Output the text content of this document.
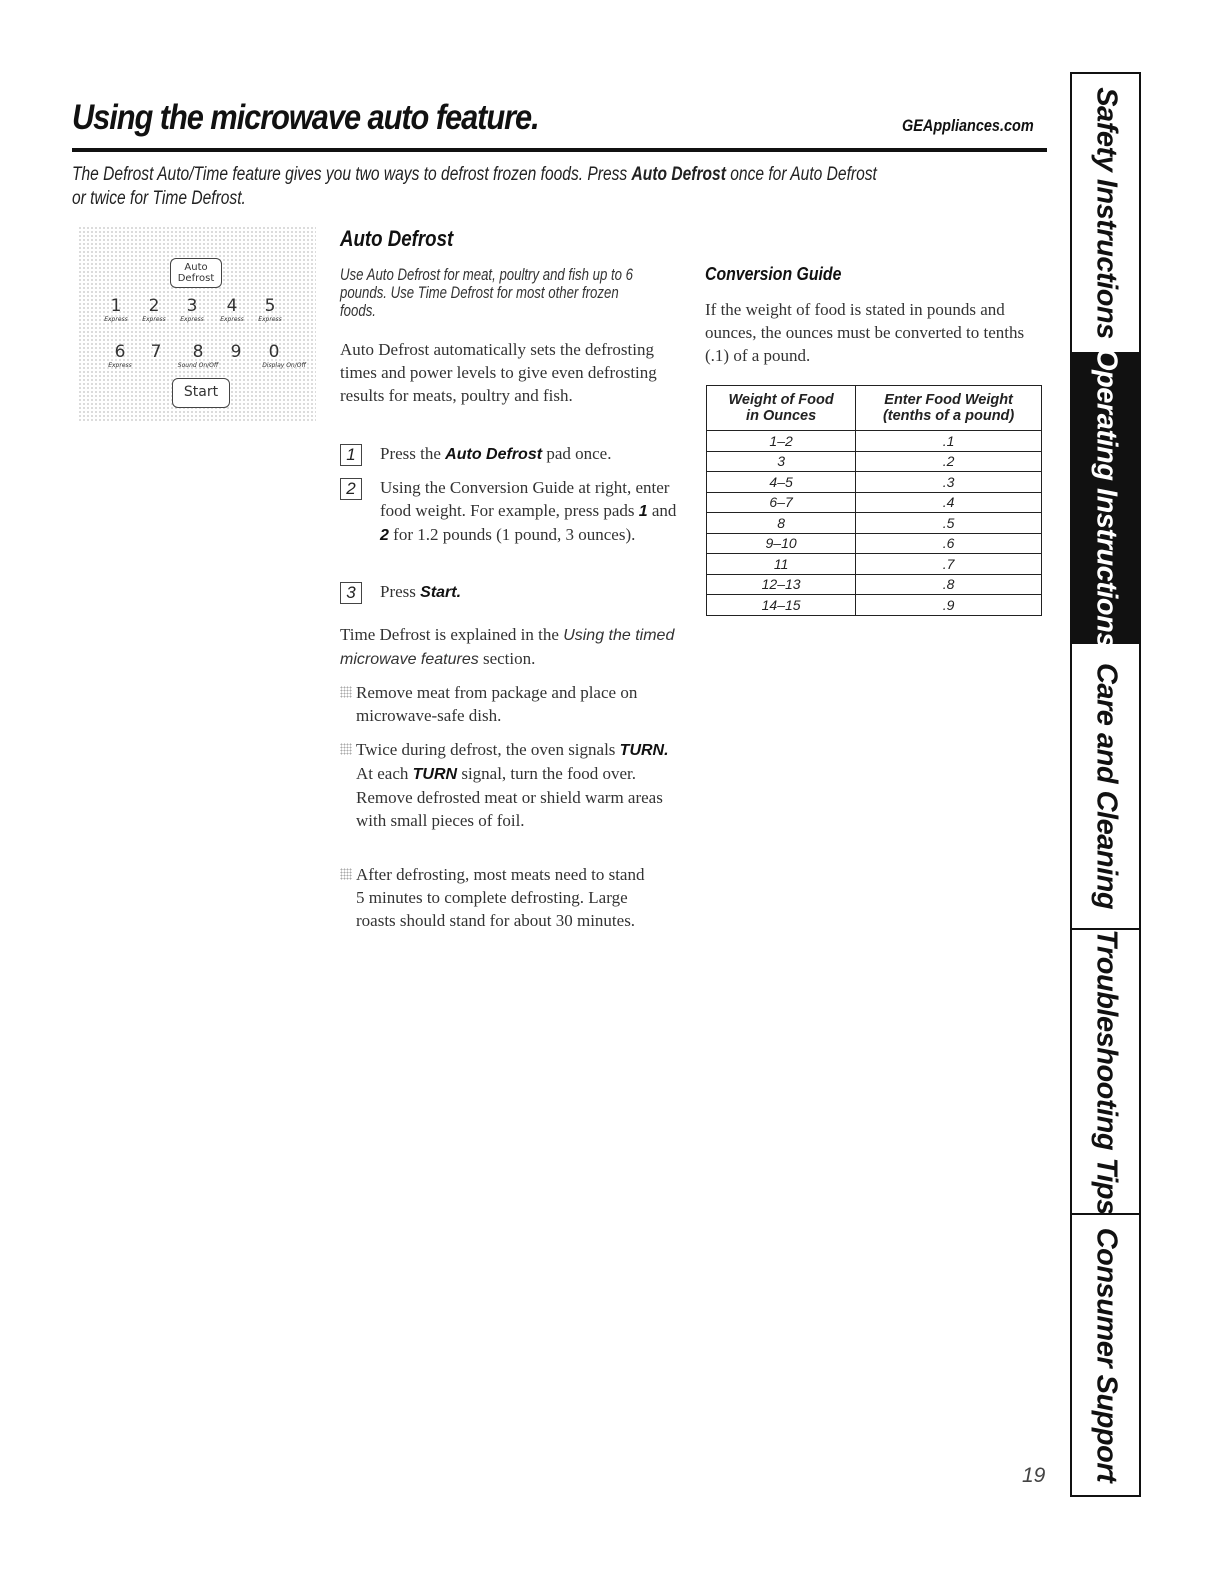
Using the microwave auto feature.	GEAppliances.com
The Defrost Auto/Time feature gives you two ways to defrost frozen foods. Press Auto Defrost once for Auto Defrost
or twice for Time Defrost.
Auto
Defrost
1	2	3	4	5
Express	Express	Express	Express	Express
6	7	8	9	0
Express	Sound On/Off	Display On/Off
Start
Auto Defrost
Use Auto Defrost for meat, poultry and fish up to 6 pounds. Use Time Defrost for most other frozen foods.
Auto Defrost automatically sets the defrosting times and power levels to give even defrosting results for meats, poultry and fish.
1	Press the Auto Defrost pad once.
2	Using the Conversion Guide at right, enter food weight. For example, press pads 1 and 2 for 1.2 pounds (1 pound, 3 ounces).
3	Press Start.
Time Defrost is explained in the Using the timed microwave features section.
Remove meat from package and place on microwave-safe dish.
Twice during defrost, the oven signals TURN. At each TURN signal, turn the food over. Remove defrosted meat or shield warm areas with small pieces of foil.
After defrosting, most meats need to stand 5 minutes to complete defrosting. Large roasts should stand for about 30 minutes.
Conversion Guide
If the weight of food is stated in pounds and ounces, the ounces must be converted to tenths (.1) of a pound.
Weight of Food
in Ounces	Enter Food Weight
(tenths of a pound)
1–2	.1
3	.2
4–5	.3
6–7	.4
8	.5
9–10	.6
11	.7
12–13	.8
14–15	.9
19
Safety Instructions
Operating Instructions
Care and Cleaning
Troubleshooting Tips
Consumer Support
